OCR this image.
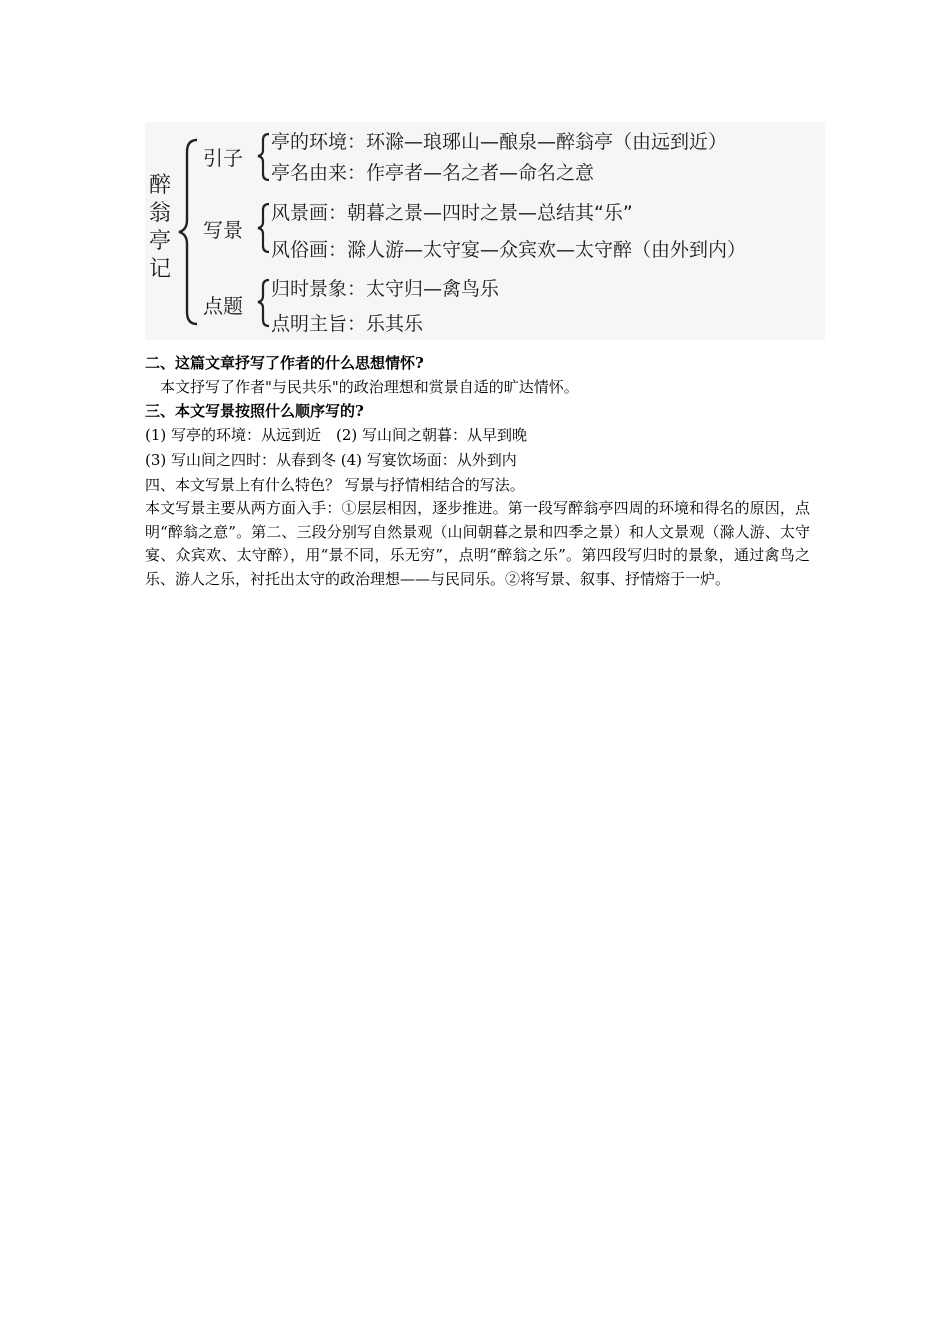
醉
翁
亭
记
引子
写景
点题
亭的环境：环滁—琅琊山—酿泉—醉翁亭（由远到近）
亭名由来：作亭者—名之者—命名之意
风景画：朝暮之景—四时之景—总结其“乐”
风俗画：滁人游—太守宴—众宾欢—太守醉（由外到内）
归时景象：太守归—禽鸟乐
点明主旨：乐其乐
二、这篇文章抒写了作者的什么思想情怀?
本文抒写了作者"与民共乐"的政治理想和赏景自适的旷达情怀。
三、本文写景按照什么顺序写的?
(1) 写亭的环境：从远到近　(2) 写山间之朝暮：从早到晚
(3) 写山间之四时：从春到冬 (4) 写宴饮场面：从外到内
四、本文写景上有什么特色？ 写景与抒情相结合的写法。
本文写景主要从两方面入手：①层层相因，逐步推进。第一段写醉翁亭四周的环境和得名的原因，点明“醉翁之意”。第二、三段分别写自然景观（山间朝暮之景和四季之景）和人文景观（滁人游、太守宴、众宾欢、太守醉），用“景不同，乐无穷”，点明“醉翁之乐”。第四段写归时的景象，通过禽鸟之乐、游人之乐，衬托出太守的政治理想——与民同乐。②将写景、叙事、抒情熔于一炉。
